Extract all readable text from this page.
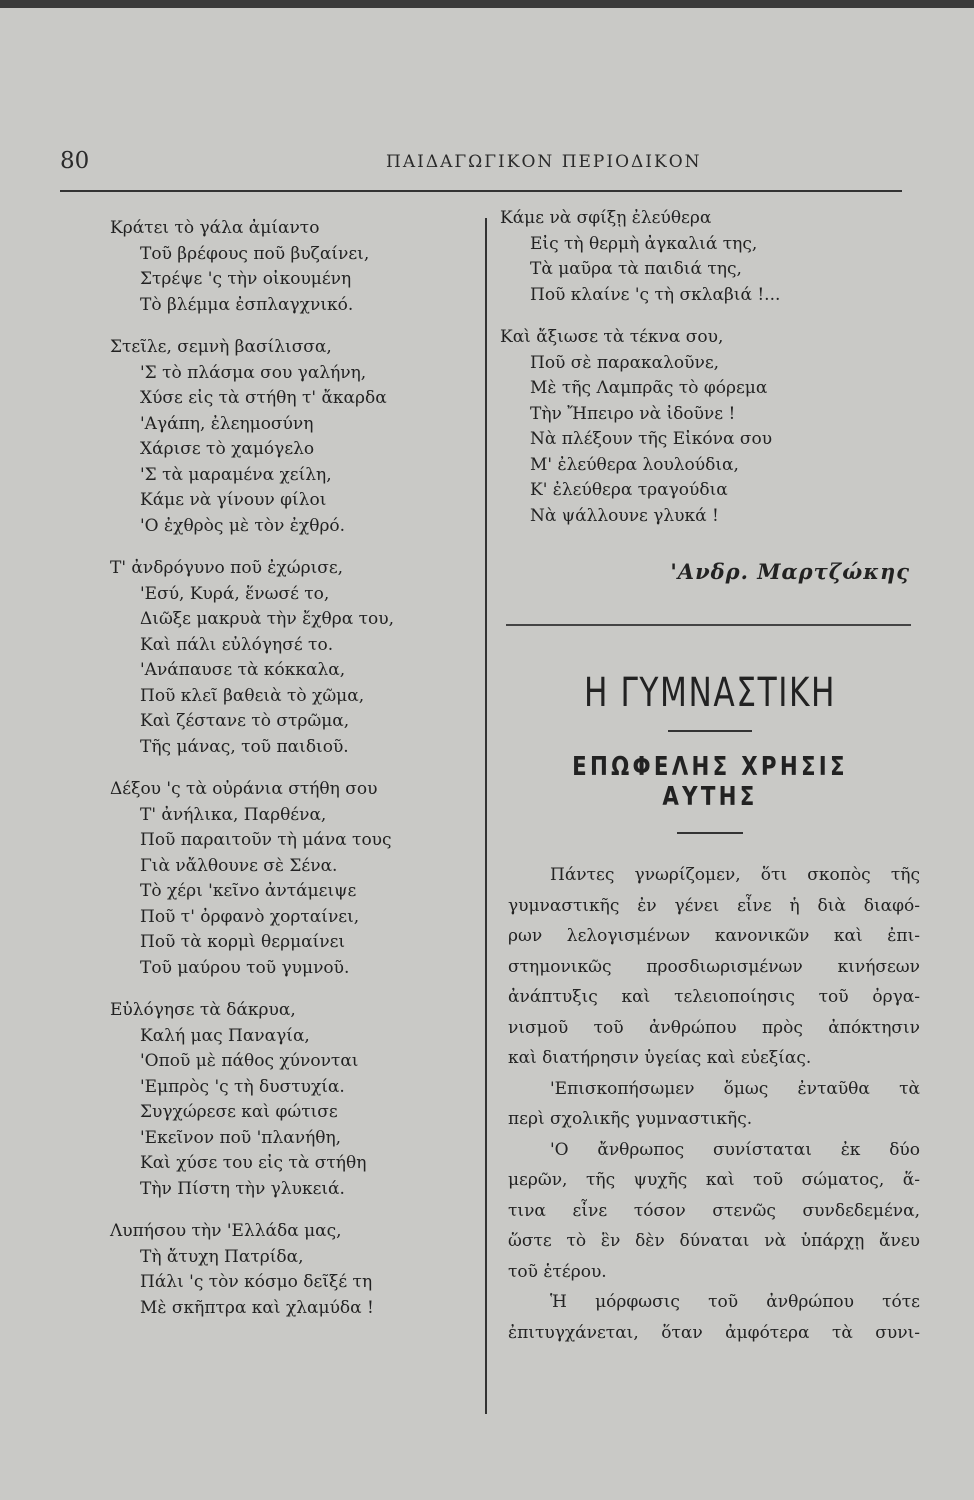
80	ΠΑΙΔΑΓΩΓΙΚΟΝ ΠΕΡΙΟΔΙΚΟΝ
Κράτει τὸ γάλα ἀμίαντο
Τοῦ βρέφους ποῦ βυζαίνει,
Στρέψε 'ς τὴν οἰκουμένη
Τὸ βλέμμα ἐσπλαγχνικό.
Στεῖλε, σεμνὴ βασίλισσα,
'Σ τὸ πλάσμα σου γαλήνη,
Χύσε εἰς τὰ στήθη τ' ἄκαρδα
'Αγάπη, ἐλεημοσύνη
Χάρισε τὸ χαμόγελο
'Σ τὰ μαραμένα χείλη,
Κάμε νὰ γίνουν φίλοι
'Ο ἐχθρὸς μὲ τὸν ἐχθρό.
Τ' ἀνδρόγυνο ποῦ ἐχώρισε,
'Εσύ, Κυρά, ἕνωσέ το,
Διῶξε μακρυὰ τὴν ἔχθρα του,
Καὶ πάλι εὐλόγησέ το.
'Ανάπαυσε τὰ κόκκαλα,
Ποῦ κλεῖ βαθειὰ τὸ χῶμα,
Καὶ ζέστανε τὸ στρῶμα,
Τῆς μάνας, τοῦ παιδιοῦ.
Δέξου 'ς τὰ οὐράνια στήθη σου
Τ' ἀνήλικα, Παρθένα,
Ποῦ παραιτοῦν τὴ μάνα τους
Γιὰ νἄλθουνε σὲ Σένα.
Τὸ χέρι 'κεῖνο ἀντάμειψε
Ποῦ τ' ὀρφανὸ χορταίνει,
Ποῦ τὰ κορμὶ θερμαίνει
Τοῦ μαύρου τοῦ γυμνοῦ.
Εὐλόγησε τὰ δάκρυα,
Καλή μας Παναγία,
'Οποῦ μὲ πάθος χύνονται
'Εμπρὸς 'ς τὴ δυστυχία.
Συγχώρεσε καὶ φώτισε
'Εκεῖνον ποῦ 'πλανήθη,
Καὶ χύσε του εἰς τὰ στήθη
Τὴν Πίστη τὴν γλυκειά.
Λυπήσου τὴν 'Ελλάδα μας,
Τὴ ἄτυχη Πατρίδα,
Πάλι 'ς τὸν κόσμο δεῖξέ τη
Μὲ σκῆπτρα καὶ χλαμύδα !
Κάμε νὰ σφίξῃ ἐλεύθερα
Εἰς τὴ θερμὴ ἀγκαλιά της,
Τὰ μαῦρα τὰ παιδιά της,
Ποῦ κλαίνε 'ς τὴ σκλαβιά !...
Καὶ ἄξιωσε τὰ τέκνα σου,
Ποῦ σὲ παρακαλοῦνε,
Μὲ τῆς Λαμπρᾶς τὸ φόρεμα
Τὴν Ἤπειρο νὰ ἰδοῦνε !
Νὰ πλέξουν τῆς Εἰκόνα σου
Μ' ἐλεύθερα λουλούδια,
Κ' ἐλεύθερα τραγούδια
Νὰ ψάλλουνε γλυκά !
'Ανδρ. Μαρτζώκης
Η ΓΥΜΝΑΣΤΙΚΗ
ΕΠΩΦΕΛΗΣ ΧΡΗΣΙΣ ΑΥΤΗΣ
Πάντες γνωρίζομεν, ὅτι σκοπὸς τῆς
γυμναστικῆς ἐν γένει εἶνε ἡ διὰ διαφό-
ρων λελογισμένων κανονικῶν καὶ ἐπι-
στημονικῶς προσδιωρισμένων κινήσεων
ἀνάπτυξις καὶ τελειοποίησις τοῦ ὀργα-
νισμοῦ τοῦ ἀνθρώπου πρὸς ἀπόκτησιν
καὶ διατήρησιν ὑγείας καὶ εὐεξίας.
'Επισκοπήσωμεν ὅμως ἐνταῦθα τὰ
περὶ σχολικῆς γυμναστικῆς.
'Ο ἄνθρωπος συνίσταται ἐκ δύο
μερῶν, τῆς ψυχῆς καὶ τοῦ σώματος, ἅ-
τινα εἶνε τόσον στενῶς συνδεδεμένα,
ὥστε τὸ ἓν δὲν δύναται νὰ ὑπάρχῃ ἄνευ
τοῦ ἑτέρου.
Ἡ μόρφωσις τοῦ ἀνθρώπου τότε
ἐπιτυγχάνεται, ὅταν ἀμφότερα τὰ συνι-
